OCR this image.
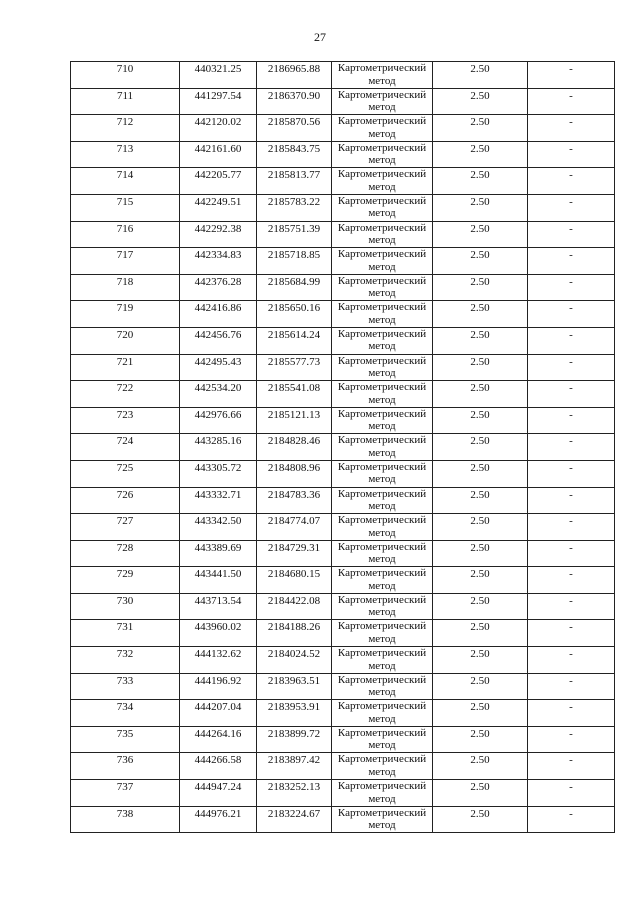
27
710	440321.25	2186965.88	Картометрический метод	2.50	-

711	441297.54	2186370.90	Картометрический метод	2.50	-

712	442120.02	2185870.56	Картометрический метод	2.50	-

713	442161.60	2185843.75	Картометрический метод	2.50	-

714	442205.77	2185813.77	Картометрический метод	2.50	-

715	442249.51	2185783.22	Картометрический метод	2.50	-

716	442292.38	2185751.39	Картометрический метод	2.50	-

717	442334.83	2185718.85	Картометрический метод	2.50	-

718	442376.28	2185684.99	Картометрический метод	2.50	-

719	442416.86	2185650.16	Картометрический метод	2.50	-

720	442456.76	2185614.24	Картометрический метод	2.50	-

721	442495.43	2185577.73	Картометрический метод	2.50	-

722	442534.20	2185541.08	Картометрический метод	2.50	-

723	442976.66	2185121.13	Картометрический метод	2.50	-

724	443285.16	2184828.46	Картометрический метод	2.50	-

725	443305.72	2184808.96	Картометрический метод	2.50	-

726	443332.71	2184783.36	Картометрический метод	2.50	-

727	443342.50	2184774.07	Картометрический метод	2.50	-

728	443389.69	2184729.31	Картометрический метод	2.50	-

729	443441.50	2184680.15	Картометрический метод	2.50	-

730	443713.54	2184422.08	Картометрический метод	2.50	-

731	443960.02	2184188.26	Картометрический метод	2.50	-

732	444132.62	2184024.52	Картометрический метод	2.50	-

733	444196.92	2183963.51	Картометрический метод	2.50	-

734	444207.04	2183953.91	Картометрический метод	2.50	-

735	444264.16	2183899.72	Картометрический метод	2.50	-

736	444266.58	2183897.42	Картометрический метод	2.50	-

737	444947.24	2183252.13	Картометрический метод	2.50	-

738	444976.21	2183224.67	Картометрический метод	2.50	-
